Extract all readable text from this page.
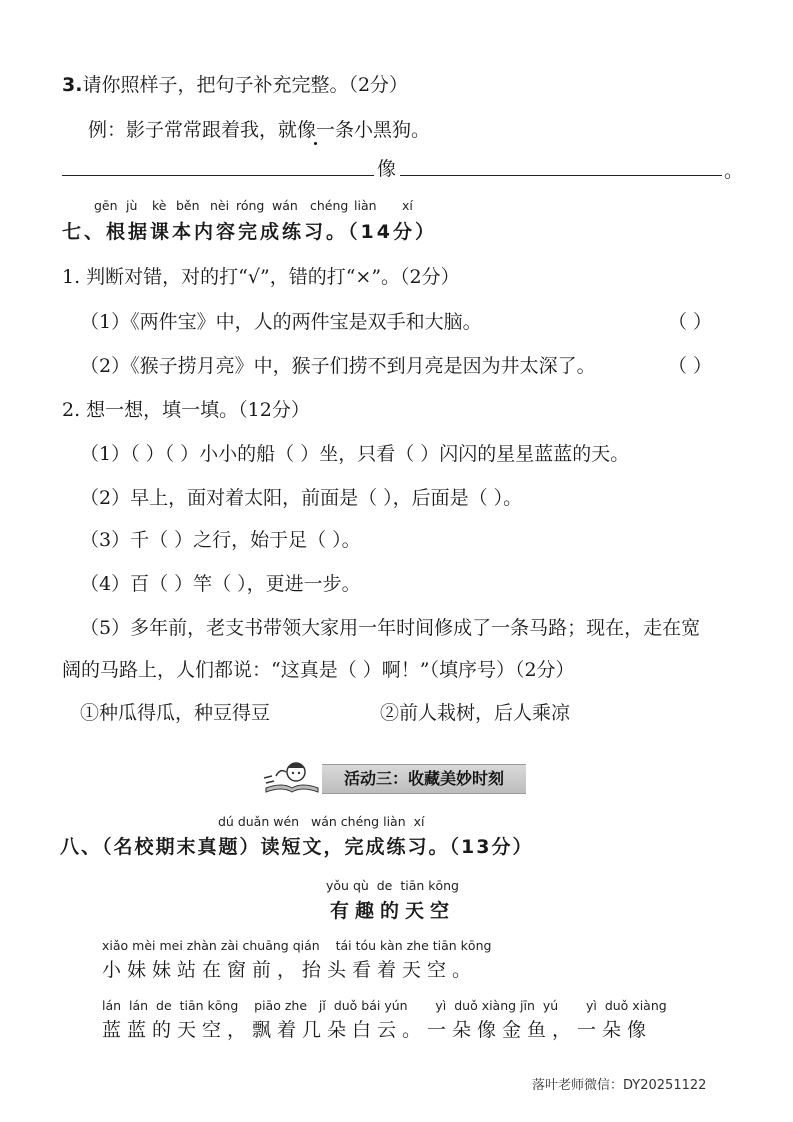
3.请你照样子，把句子补充完整。（2分）
例：影子常常跟着我，就像一条小黑狗。
像	。
gēn jù kè běn nèi róng wán chéng liàn xí
七、根据课本内容完成练习。（14分）
1. 判断对错，对的打“√”，错的打“×”。（2分）
（1）《两件宝》中，人的两件宝是双手和大脑。	（ ）
（2）《猴子捞月亮》中，猴子们捞不到月亮是因为井太深了。	（ ）
2. 想一想，填一填。（12分）
（1）（ ）（ ）小小的船（ ）坐，只看（ ）闪闪的星星蓝蓝的天。
（2）早上，面对着太阳，前面是（ ），后面是（ ）。
（3）千（ ）之行，始于足（ ）。
（4）百（ ）竿（ ），更进一步。
（5）多年前，老支书带领大家用一年时间修成了一条马路；现在，走在宽
阔的马路上，人们都说：“这真是（ ）啊！”（填序号）（2分）
①种瓜得瓜，种豆得豆	②前人栽树，后人乘凉
活动三：收藏美妙时刻
dú duǎn wén   wán chéng liàn  xí
八、（名校期末真题）读短文，完成练习。（13分）
yǒu qù  de  tiān kōng
有趣的天空
xiǎo mèi mei zhàn zài chuāng qián    tái tóu kàn zhe tiān kōng
小妹妹站在窗前，抬头看着天空。
lán  lán  de  tiān kōng    piāo zhe   jǐ  duǒ bái yún       yì  duǒ xiàng jīn  yú       yì  duǒ xiàng
蓝蓝的天空，飘着几朵白云。一朵像金鱼，一朵像
落叶老师微信：DY20251122
